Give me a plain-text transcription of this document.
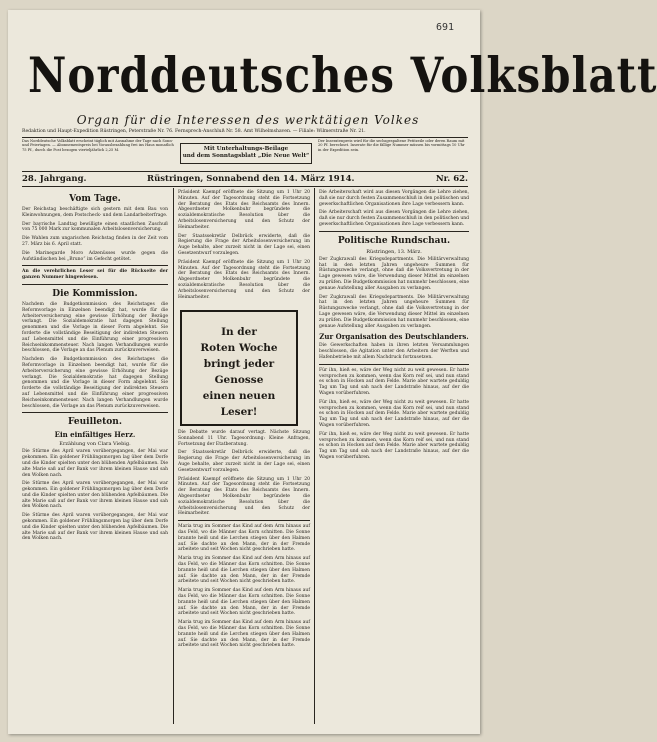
691
Norddeutsches Volksblatt
Organ für die Interessen des werktätigen Volkes
Redaktion und Haupt-Expedition Rüstringen, Peterstraße Nr. 76. Fernsprech-Anschluß Nr. 58. Amt Wilhelmshaven. — Filiale: Wilmerstraße Nr. 21.
Das Norddeutsche Volksblatt erscheint täglich mit Ausnahme der Tage nach Sonn- und Feiertagen. — Abonnementspreis bei Vorausbezahlung frei ins Haus monatlich 75 Pf., durch die Post bezogen vierteljährlich 2,25 M.	Mit Unterhaltungs-Beilage
und dem Sonntagsblatt „Die Neue Welt“
Der Inseratenpreis wird für die sechsgespaltene Petitzeile oder deren Raum mit 20 Pf. berechnet. Inserate für die fällige Nummer müssen bis vormittags 10 Uhr in der Expedition sein.
28. Jahrgang.	Rüstringen, Sonnabend den 14. März 1914.	Nr. 62.
Vom Tage.

Der Reichstag beschäftigte sich gestern mit dem Bau von Kleinwohnungen, dem Postscheck- und dem Landarbeiterfrage.

Der bayrische Landtag bewilligte einen staatlichen Zuschuß von 75 000 Mark zur kommunalen Arbeitslosenversicherung.

Die Wahlen zum ungarischen Reichstag finden in der Zeit vom 27. März bis 6. April statt.

Die Marinegarde Moro Adzenüsses wurde gegen die Aufständischen bei „Bruno“ im Gefecht getötet.

An die verehrlichen Leser sei für die Rückseite der ganzen Nummer hingewiesen.

Die Kommission.

Nachdem die Budgetkommission des Reichstages die Reformvorlage in Einzelnen beendigt hat, wurde für die Arbeiterversicherung eine gewisse Erhöhung der Bezüge verlangt. Die Sozialdemokratie hat dagegen Stellung genommen und die Vorlage in dieser Form abgelehnt. Sie forderte die vollständige Beseitigung der indirekten Steuern auf Lebensmittel und die Einführung einer progressiven Reichseinkommensteuer. Nach langen Verhandlungen wurde beschlossen, die Vorlage an das Plenum zurückzuverweisen.

Nachdem die Budgetkommission des Reichstages die Reformvorlage in Einzelnen beendigt hat, wurde für die Arbeiterversicherung eine gewisse Erhöhung der Bezüge verlangt. Die Sozialdemokratie hat dagegen Stellung genommen und die Vorlage in dieser Form abgelehnt. Sie forderte die vollständige Beseitigung der indirekten Steuern auf Lebensmittel und die Einführung einer progressiven Reichseinkommensteuer. Nach langen Verhandlungen wurde beschlossen, die Vorlage an das Plenum zurückzuverweisen.

Feuilleton.
Ein einfältiges Herz.
Erzählung von Clara Viebig.

Die Stürme des April waren vorübergegangen, der Mai war gekommen. Ein goldener Frühlingsmorgen lag über dem Dorfe und die Kinder spielten unter den blühenden Apfelbäumen. Die alte Marie saß auf der Bank vor ihrem kleinen Hause und sah den Wolken nach.

Die Stürme des April waren vorübergegangen, der Mai war gekommen. Ein goldener Frühlingsmorgen lag über dem Dorfe und die Kinder spielten unter den blühenden Apfelbäumen. Die alte Marie saß auf der Bank vor ihrem kleinen Hause und sah den Wolken nach.

Die Stürme des April waren vorübergegangen, der Mai war gekommen. Ein goldener Frühlingsmorgen lag über dem Dorfe und die Kinder spielten unter den blühenden Apfelbäumen. Die alte Marie saß auf der Bank vor ihrem kleinen Hause und sah den Wolken nach.

Präsident Kaempf eröffnete die Sitzung um 1 Uhr 20 Minuten. Auf der Tagesordnung steht die Fortsetzung der Beratung des Etats des Reichsamts des Innern. Abgeordneter Molkenbuhr begründete die sozialdemokratische Resolution über die Arbeitslosenversicherung und den Schutz der Heimarbeiter.

Der Staatssekretär Delbrück erwiderte, daß die Regierung die Frage der Arbeitslosenversicherung im Auge behalte, aber zurzeit nicht in der Lage sei, einen Gesetzentwurf vorzulegen.

Präsident Kaempf eröffnete die Sitzung um 1 Uhr 20 Minuten. Auf der Tagesordnung steht die Fortsetzung der Beratung des Etats des Reichsamts des Innern. Abgeordneter Molkenbuhr begründete die sozialdemokratische Resolution über die Arbeitslosenversicherung und den Schutz der Heimarbeiter.

In der
Roten Woche
bringt jeder Genosse
einen neuen
Leser!

Die Debatte wurde darauf vertagt. Nächste Sitzung Sonnabend 11 Uhr. Tagesordnung: Kleine Anfragen, Fortsetzung der Etatberatung.

Der Staatssekretär Delbrück erwiderte, daß die Regierung die Frage der Arbeitslosenversicherung im Auge behalte, aber zurzeit nicht in der Lage sei, einen Gesetzentwurf vorzulegen.

Präsident Kaempf eröffnete die Sitzung um 1 Uhr 20 Minuten. Auf der Tagesordnung steht die Fortsetzung der Beratung des Etats des Reichsamts des Innern. Abgeordneter Molkenbuhr begründete die sozialdemokratische Resolution über die Arbeitslosenversicherung und den Schutz der Heimarbeiter.

Maria trug im Sommer das Kind auf dem Arm hinaus auf das Feld, wo die Männer das Korn schnitten. Die Sonne brannte heiß und die Lerchen stiegen über den Halmen auf. Sie dachte an den Mann, der in der Fremde arbeitete und seit Wochen nicht geschrieben hatte.

Maria trug im Sommer das Kind auf dem Arm hinaus auf das Feld, wo die Männer das Korn schnitten. Die Sonne brannte heiß und die Lerchen stiegen über den Halmen auf. Sie dachte an den Mann, der in der Fremde arbeitete und seit Wochen nicht geschrieben hatte.

Maria trug im Sommer das Kind auf dem Arm hinaus auf das Feld, wo die Männer das Korn schnitten. Die Sonne brannte heiß und die Lerchen stiegen über den Halmen auf. Sie dachte an den Mann, der in der Fremde arbeitete und seit Wochen nicht geschrieben hatte.

Maria trug im Sommer das Kind auf dem Arm hinaus auf das Feld, wo die Männer das Korn schnitten. Die Sonne brannte heiß und die Lerchen stiegen über den Halmen auf. Sie dachte an den Mann, der in der Fremde arbeitete und seit Wochen nicht geschrieben hatte.

Die Arbeiterschaft wird aus diesen Vorgängen die Lehre ziehen, daß sie nur durch festen Zusammenschluß in den politischen und gewerkschaftlichen Organisationen ihre Lage verbessern kann.

Die Arbeiterschaft wird aus diesen Vorgängen die Lehre ziehen, daß sie nur durch festen Zusammenschluß in den politischen und gewerkschaftlichen Organisationen ihre Lage verbessern kann.

Politische Rundschau.
Rüstringen, 13. März.

Der Zugkrawall des Kriegsdepartments. Die Militärverwaltung hat in den letzten Jahren ungeheure Summen für Rüstungszwecke verlangt, ohne daß die Volksvertretung in der Lage gewesen wäre, die Verwendung dieser Mittel im einzelnen zu prüfen. Die Budgetkommission hat nunmehr beschlossen, eine genaue Aufstellung aller Ausgaben zu verlangen.

Der Zugkrawall des Kriegsdepartments. Die Militärverwaltung hat in den letzten Jahren ungeheure Summen für Rüstungszwecke verlangt, ohne daß die Volksvertretung in der Lage gewesen wäre, die Verwendung dieser Mittel im einzelnen zu prüfen. Die Budgetkommission hat nunmehr beschlossen, eine genaue Aufstellung aller Ausgaben zu verlangen.

Zur Organisation des Deutschlanders.

Die Gewerkschaften haben in ihren letzten Versammlungen beschlossen, die Agitation unter den Arbeitern der Werften und Hafenbetriebe mit allem Nachdruck fortzusetzen.

Für ihn, hieß es, wäre der Weg nicht zu weit gewesen. Er hatte versprochen zu kommen, wenn das Korn reif sei, und nun stand es schon in Hocken auf dem Felde. Marie aber wartete geduldig Tag um Tag und sah nach der Landstraße hinaus, auf der die Wagen vorüberfuhren.

Für ihn, hieß es, wäre der Weg nicht zu weit gewesen. Er hatte versprochen zu kommen, wenn das Korn reif sei, und nun stand es schon in Hocken auf dem Felde. Marie aber wartete geduldig Tag um Tag und sah nach der Landstraße hinaus, auf der die Wagen vorüberfuhren.

Für ihn, hieß es, wäre der Weg nicht zu weit gewesen. Er hatte versprochen zu kommen, wenn das Korn reif sei, und nun stand es schon in Hocken auf dem Felde. Marie aber wartete geduldig Tag um Tag und sah nach der Landstraße hinaus, auf der die Wagen vorüberfuhren.
